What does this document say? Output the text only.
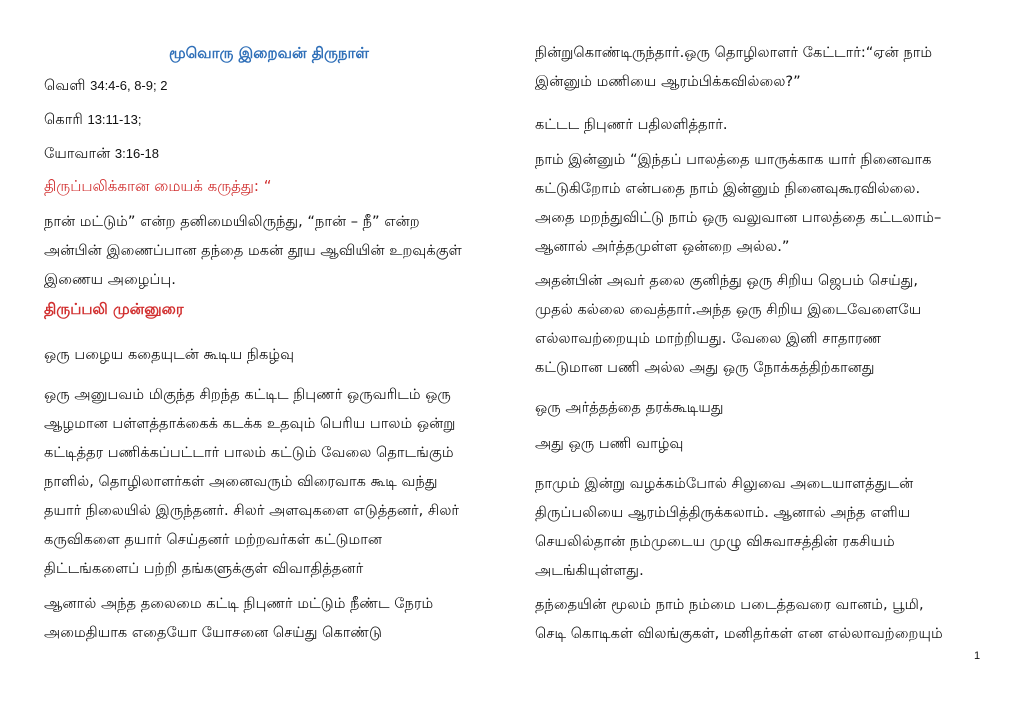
மூவொரு இறைவன் திருநாள்
வெளி 34:4-6, 8-9; 2
கொரி 13:11-13;
யோவான் 3:16-18
திருப்பலிக்கான மையக் கருத்து: “
நான் மட்டும்” என்ற தனிமையிலிருந்து, “நான் – நீ” என்ற
அன்பின் இணைப்பான தந்தை மகன் தூய ஆவியின் உறவுக்குள்
இணைய அழைப்பு.
திருப்பலி முன்னுரை
ஒரு பழைய கதையுடன் கூடிய நிகழ்வு
ஒரு அனுபவம் மிகுந்த சிறந்த கட்டிட நிபுணர் ஒருவரிடம் ஒரு
ஆழமான பள்ளத்தாக்கைக் கடக்க உதவும் பெரிய பாலம் ஒன்று
கட்டித்தர பணிக்கப்பட்டார் பாலம் கட்டும் வேலை தொடங்கும்
நாளில், தொழிலாளர்கள் அனைவரும் விரைவாக கூடி வந்து
தயார் நிலையில் இருந்தனர். சிலர் அளவுகளை எடுத்தனர், சிலர்
கருவிகளை தயார் செய்தனர் மற்றவர்கள் கட்டுமான
திட்டங்களைப் பற்றி தங்களுக்குள் விவாதித்தனர்
ஆனால் அந்த தலைமை கட்டி நிபுணர் மட்டும் நீண்ட நேரம்
அமைதியாக எதையோ யோசனை செய்து கொண்டு
நின்றுகொண்டிருந்தார்.ஒரு தொழிலாளர் கேட்டார்:“ஏன் நாம்
இன்னும் மணியை ஆரம்பிக்கவில்லை?”
கட்டட நிபுணர் பதிலளித்தார்.
நாம் இன்னும் “இந்தப் பாலத்தை யாருக்காக யார் நினைவாக
கட்டுகிறோம் என்பதை நாம் இன்னும் நினைவுகூரவில்லை.
அதை மறந்துவிட்டு நாம் ஒரு வலுவான பாலத்தை கட்டலாம்–
ஆனால் அர்த்தமுள்ள ஒன்றை அல்ல.”
அதன்பின் அவர் தலை குனிந்து ஒரு சிறிய ஜெபம் செய்து,
முதல் கல்லை வைத்தார்.அந்த ஒரு சிறிய இடைவேளையே
எல்லாவற்றையும் மாற்றியது. வேலை இனி சாதாரண
கட்டுமான பணி அல்ல அது ஒரு நோக்கத்திற்கானது
ஒரு அர்த்தத்தை தரக்கூடியது
அது ஒரு பணி வாழ்வு
நாமும் இன்று வழக்கம்போல் சிலுவை அடையாளத்துடன்
திருப்பலியை ஆரம்பித்திருக்கலாம். ஆனால் அந்த எளிய
செயலில்தான் நம்முடைய முழு விசுவாசத்தின் ரகசியம்
அடங்கியுள்ளது.
தந்தையின் மூலம் நாம் நம்மை படைத்தவரை வானம், பூமி,
செடி கொடிகள் விலங்குகள், மனிதர்கள் என எல்லாவற்றையும்
1
